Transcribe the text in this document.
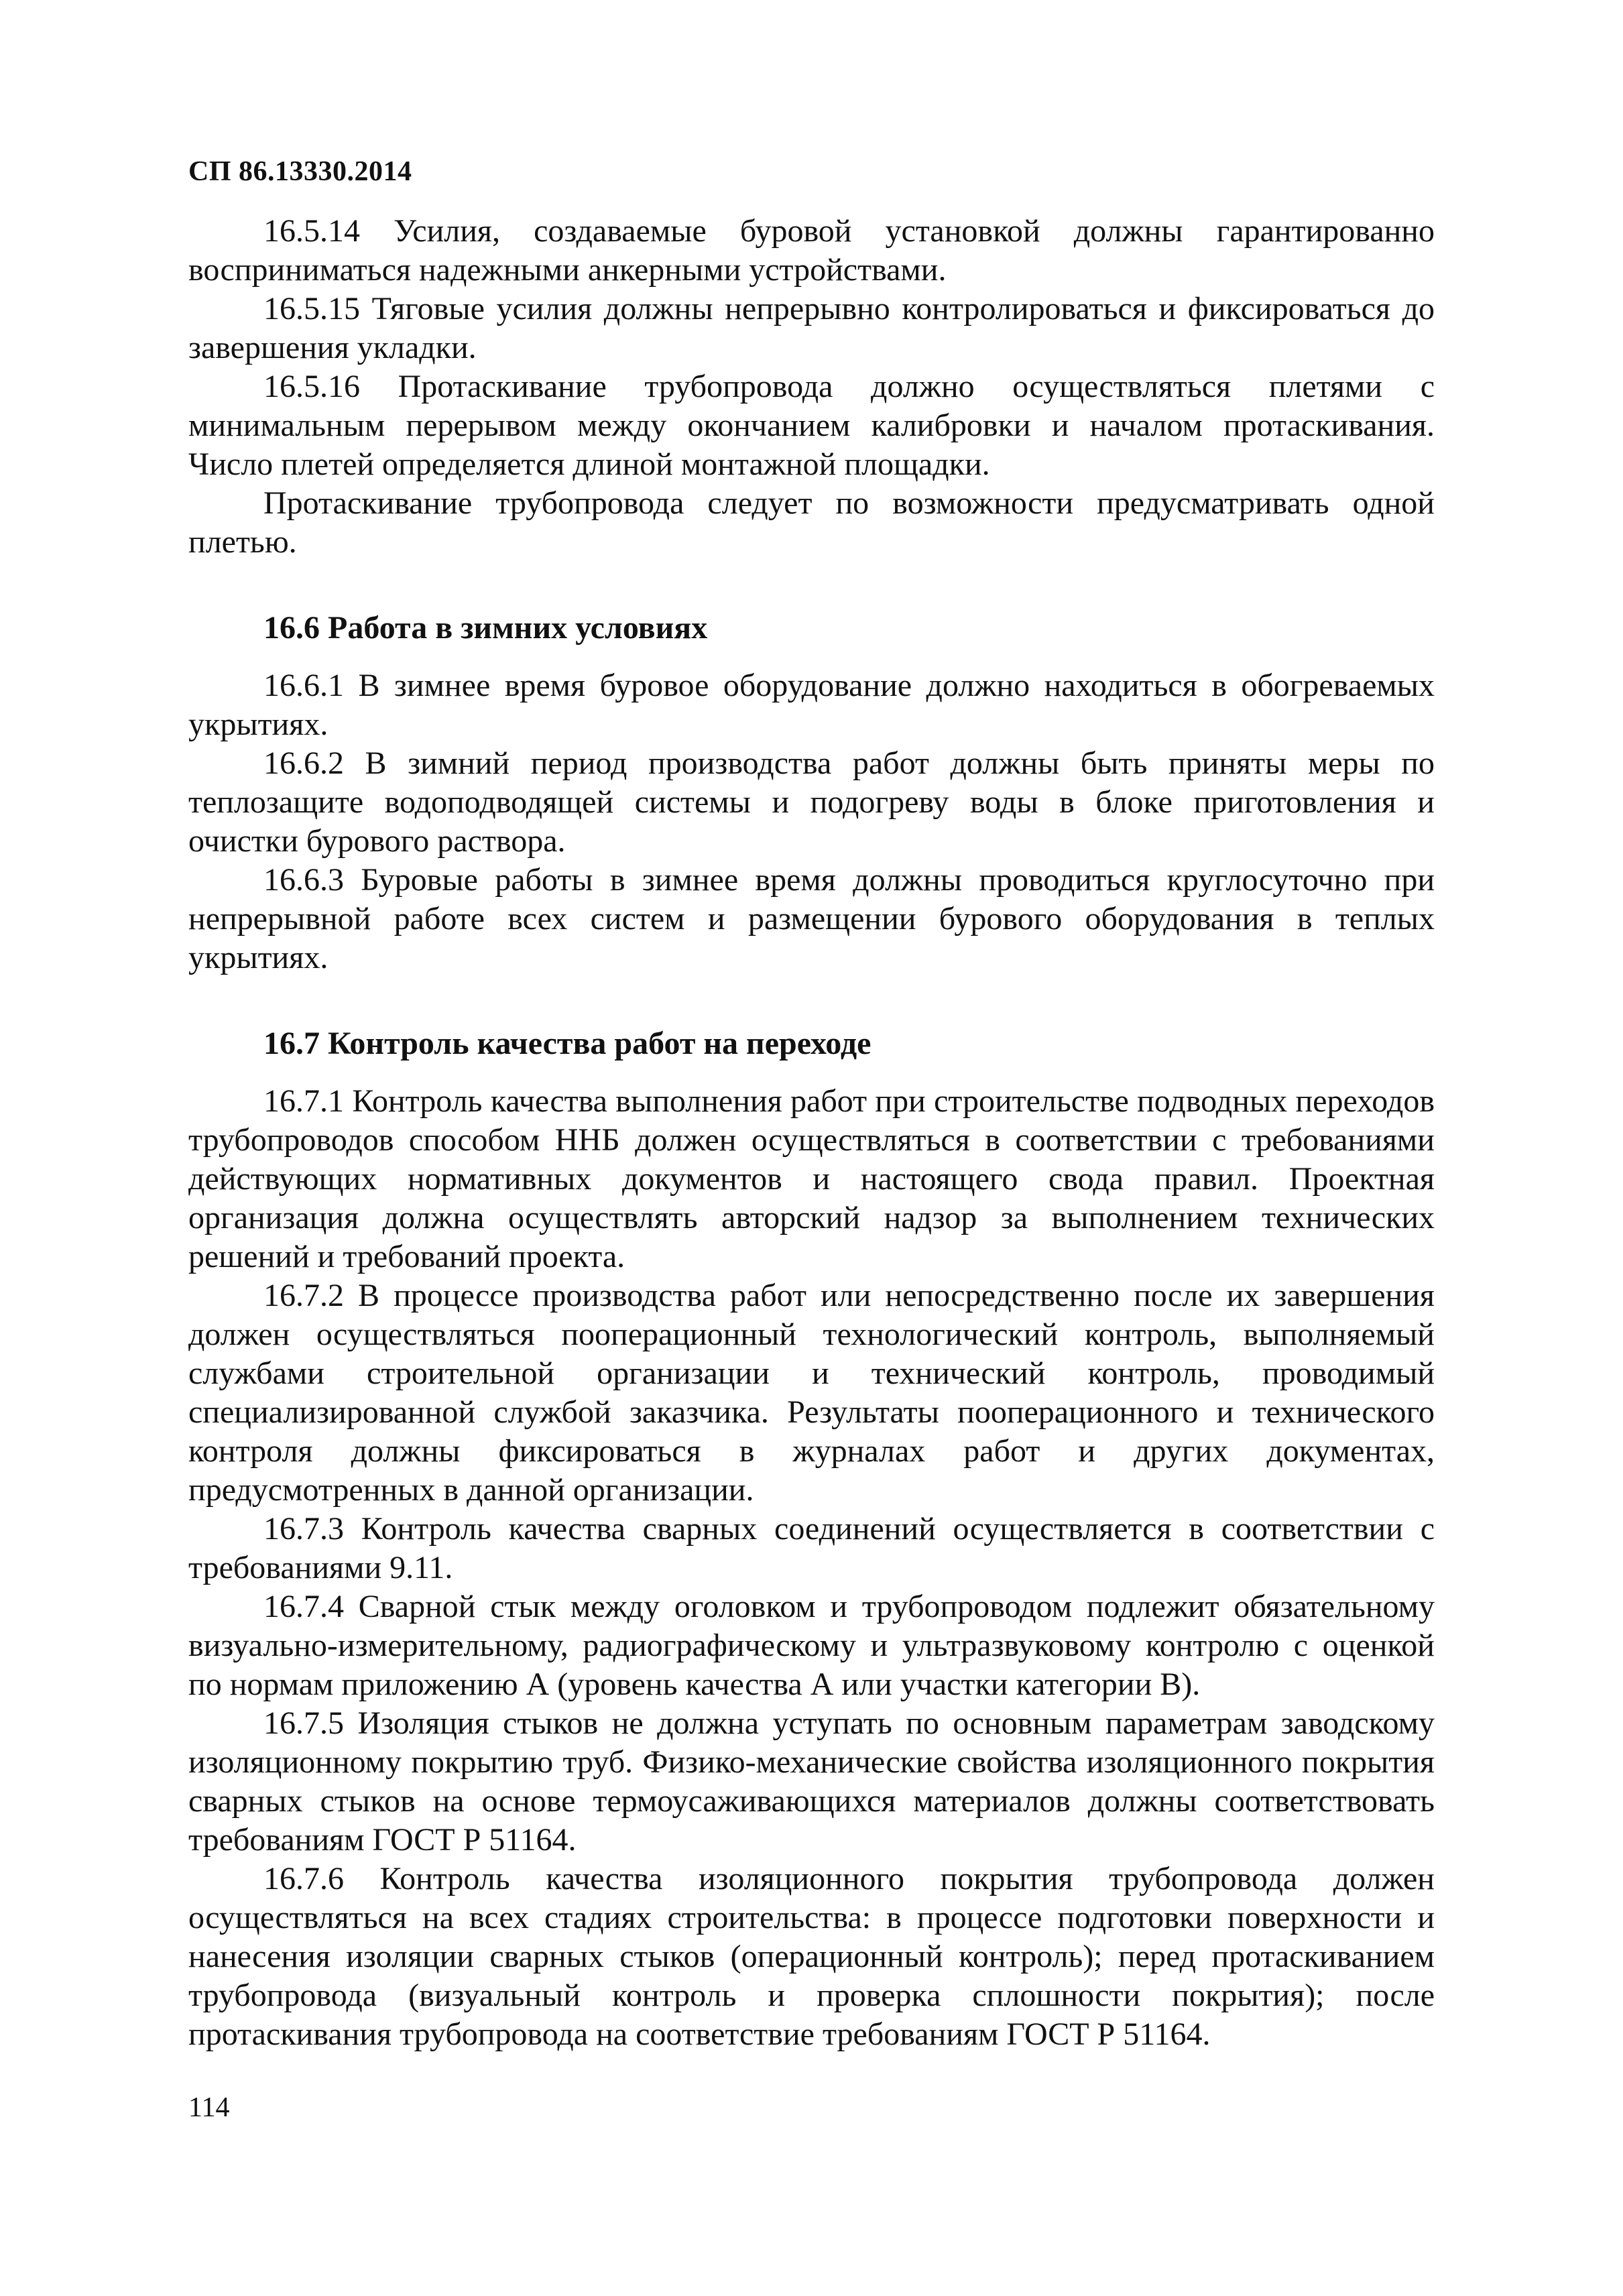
СП 86.13330.2014

16.5.14 Усилия, создаваемые буровой установкой должны гарантированно восприниматься надежными анкерными устройствами.

16.5.15 Тяговые усилия должны непрерывно контролироваться и фиксироваться до завершения укладки.

16.5.16 Протаскивание трубопровода должно осуществляться плетями с минимальным перерывом между окончанием калибровки и началом протаскивания. Число плетей определяется длиной монтажной площадки.

Протаскивание трубопровода следует по возможности предусматривать одной плетью.

16.6 Работа в зимних условиях

16.6.1 В зимнее время буровое оборудование должно находиться в обогреваемых укрытиях.

16.6.2 В зимний период производства работ должны быть приняты меры по теплозащите водоподводящей системы и подогреву воды в блоке приготовления и очистки бурового раствора.

16.6.3 Буровые работы в зимнее время должны проводиться круглосуточно при непрерывной работе всех систем и размещении бурового оборудования в теплых укрытиях.

16.7 Контроль качества работ на переходе

16.7.1 Контроль качества выполнения работ при строительстве подводных переходов трубопроводов способом ННБ должен осуществляться в соответствии с требованиями действующих нормативных документов и настоящего свода правил. Проектная организация должна осуществлять авторский надзор за выполнением технических решений и требований проекта.

16.7.2 В процессе производства работ или непосредственно после их завершения должен осуществляться пооперационный технологический контроль, выполняемый службами строительной организации и технический контроль, проводимый специализированной службой заказчика. Результаты пооперационного и технического контроля должны фиксироваться в журналах работ и других документах, предусмотренных в данной организации.

16.7.3 Контроль качества сварных соединений осуществляется в соответствии с требованиями 9.11.

16.7.4 Сварной стык между оголовком и трубопроводом подлежит обязательному визуально-измерительному, радиографическому и ультразвуковому контролю с оценкой по нормам приложению А (уровень качества А или участки категории В).

16.7.5 Изоляция стыков не должна уступать по основным параметрам заводскому изоляционному покрытию труб. Физико-механические свойства изоляционного покрытия сварных стыков на основе термоусаживающихся материалов должны соответствовать требованиям ГОСТ Р 51164.

16.7.6 Контроль качества изоляционного покрытия трубопровода должен осуществляться на всех стадиях строительства: в процессе подготовки поверхности и нанесения изоляции сварных стыков (операционный контроль); перед протаскиванием трубопровода (визуальный контроль и проверка сплошности покрытия); после протаскивания трубопровода на соответствие требованиям ГОСТ Р 51164.

114
